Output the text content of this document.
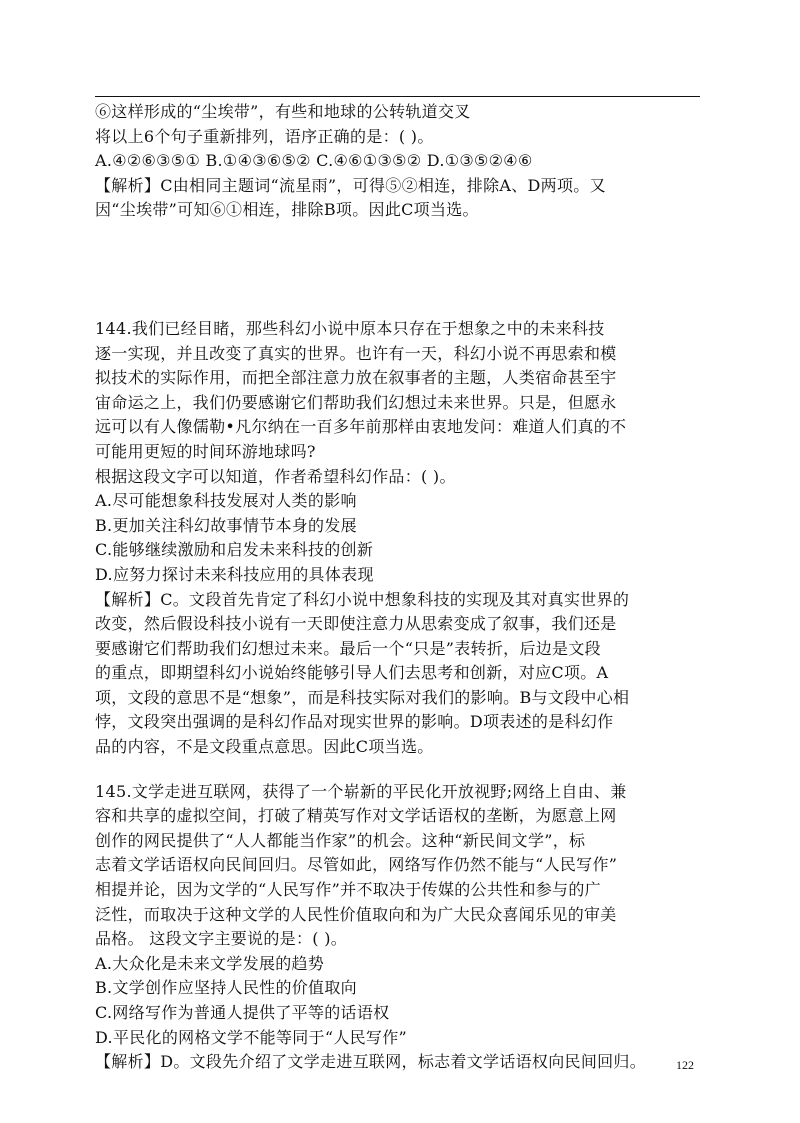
⑥这样形成的“尘埃带”，有些和地球的公转轨道交叉

将以上6个句子重新排列，语序正确的是：( )。

A.④②⑥③⑤① B.①④③⑥⑤② C.④⑥①③⑤② D.①③⑤②④⑥

【解析】C由相同主题词“流星雨”，可得⑤②相连，排除A、D两项。又

因“尘埃带”可知⑥①相连，排除B项。因此C项当选。

144.我们已经目睹，那些科幻小说中原本只存在于想象之中的未来科技

逐一实现，并且改变了真实的世界。也许有一天，科幻小说不再思索和模

拟技术的实际作用，而把全部注意力放在叙事者的主题，人类宿命甚至宇

宙命运之上，我们仍要感谢它们帮助我们幻想过未来世界。只是，但愿永

远可以有人像儒勒•凡尔纳在一百多年前那样由衷地发问：难道人们真的不

可能用更短的时间环游地球吗?

根据这段文字可以知道，作者希望科幻作品：( )。

A.尽可能想象科技发展对人类的影响

B.更加关注科幻故事情节本身的发展

C.能够继续激励和启发未来科技的创新

D.应努力探讨未来科技应用的具体表现

【解析】C。文段首先肯定了科幻小说中想象科技的实现及其对真实世界的

改变，然后假设科技小说有一天即使注意力从思索变成了叙事，我们还是

要感谢它们帮助我们幻想过未来。最后一个“只是”表转折，后边是文段

的重点，即期望科幻小说始终能够引导人们去思考和创新，对应C项。A

项，文段的意思不是“想象”，而是科技实际对我们的影响。B与文段中心相

悖，文段突出强调的是科幻作品对现实世界的影响。D项表述的是科幻作

品的内容，不是文段重点意思。因此C项当选。

145.文学走进互联网，获得了一个崭新的平民化开放视野;网络上自由、兼

容和共享的虚拟空间，打破了精英写作对文学话语权的垄断，为愿意上网

创作的网民提供了“人人都能当作家”的机会。这种“新民间文学”，标

志着文学话语权向民间回归。尽管如此，网络写作仍然不能与“人民写作”

相提并论，因为文学的“人民写作”并不取决于传媒的公共性和参与的广

泛性，而取决于这种文学的人民性价值取向和为广大民众喜闻乐见的审美

品格。 这段文字主要说的是：( )。

A.大众化是未来文学发展的趋势

B.文学创作应坚持人民性的价值取向

C.网络写作为普通人提供了平等的话语权

D.平民化的网格文学不能等同于“人民写作”

【解析】D。文段先介绍了文学走进互联网，标志着文学话语权向民间回归。	122
